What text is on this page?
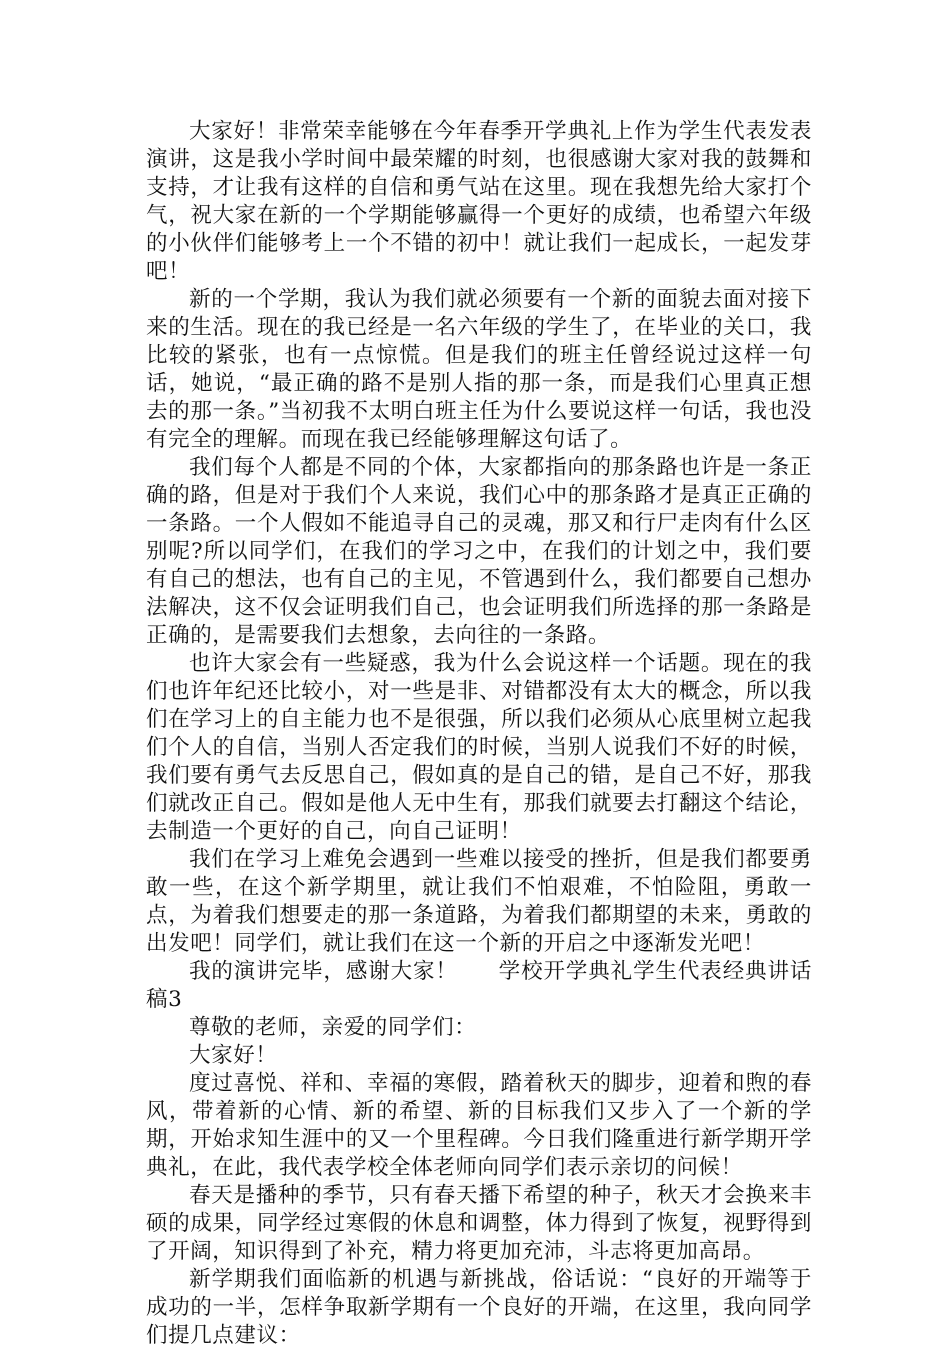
大家好！非常荣幸能够在今年春季开学典礼上作为学生代表发表演讲，这是我小学时间中最荣耀的时刻，也很感谢大家对我的鼓舞和支持，才让我有这样的自信和勇气站在这里。现在我想先给大家打个气，祝大家在新的一个学期能够赢得一个更好的成绩，也希望六年级的小伙伴们能够考上一个不错的初中！就让我们一起成长，一起发芽吧！

新的一个学期，我认为我们就必须要有一个新的面貌去面对接下来的生活。现在的我已经是一名六年级的学生了，在毕业的关口，我比较的紧张，也有一点惊慌。但是我们的班主任曾经说过这样一句话，她说，“最正确的路不是别人指的那一条，而是我们心里真正想去的那一条。”当初我不太明白班主任为什么要说这样一句话，我也没有完全的理解。而现在我已经能够理解这句话了。

我们每个人都是不同的个体，大家都指向的那条路也许是一条正确的路，但是对于我们个人来说，我们心中的那条路才是真正正确的一条路。一个人假如不能追寻自己的灵魂，那又和行尸走肉有什么区别呢?所以同学们，在我们的学习之中，在我们的计划之中，我们要有自己的想法，也有自己的主见，不管遇到什么，我们都要自己想办法解决，这不仅会证明我们自己，也会证明我们所选择的那一条路是正确的，是需要我们去想象，去向往的一条路。

也许大家会有一些疑惑，我为什么会说这样一个话题。现在的我们也许年纪还比较小，对一些是非、对错都没有太大的概念，所以我们在学习上的自主能力也不是很强，所以我们必须从心底里树立起我们个人的自信，当别人否定我们的时候，当别人说我们不好的时候，我们要有勇气去反思自己，假如真的是自己的错，是自己不好，那我们就改正自己。假如是他人无中生有，那我们就要去打翻这个结论，去制造一个更好的自己，向自己证明！

我们在学习上难免会遇到一些难以接受的挫折，但是我们都要勇敢一些，在这个新学期里，就让我们不怕艰难，不怕险阻，勇敢一点，为着我们想要走的那一条道路，为着我们都期望的未来，勇敢的出发吧！同学们，就让我们在这一个新的开启之中逐渐发光吧！

我的演讲完毕，感谢大家！ 学校开学典礼学生代表经典讲话稿3

尊敬的老师，亲爱的同学们：

大家好！

度过喜悦、祥和、幸福的寒假，踏着秋天的脚步，迎着和煦的春风，带着新的心情、新的希望、新的目标我们又步入了一个新的学期，开始求知生涯中的又一个里程碑。今日我们隆重进行新学期开学典礼，在此，我代表学校全体老师向同学们表示亲切的问候！

春天是播种的季节，只有春天播下希望的种子，秋天才会换来丰硕的成果，同学经过寒假的休息和调整，体力得到了恢复，视野得到了开阔，知识得到了补充，精力将更加充沛，斗志将更加高昂。

新学期我们面临新的机遇与新挑战，俗话说：“良好的开端等于成功的一半，怎样争取新学期有一个良好的开端，在这里，我向同学们提几点建议：
